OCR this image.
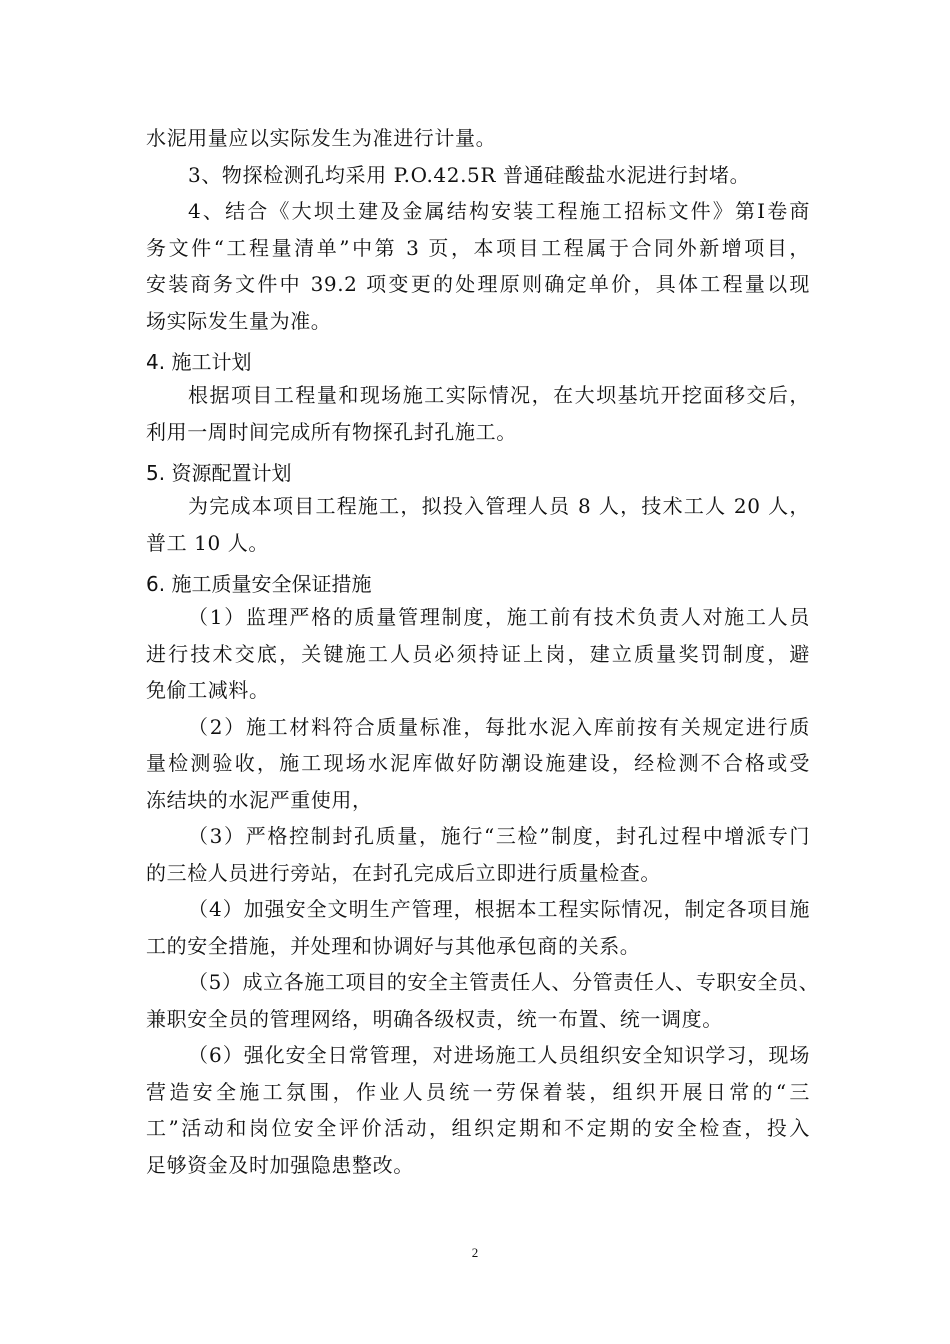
水泥用量应以实际发生为准进行计量。
3、物探检测孔均采用 P.O.42.5R 普通硅酸盐水泥进行封堵。
4、结合《大坝土建及金属结构安装工程施工招标文件》第Ⅰ卷商
务文件“工程量清单”中第 3 页，本项目工程属于合同外新增项目，
安装商务文件中 39.2 项变更的处理原则确定单价，具体工程量以现
场实际发生量为准。
4. 施工计划
根据项目工程量和现场施工实际情况，在大坝基坑开挖面移交后，
利用一周时间完成所有物探孔封孔施工。
5. 资源配置计划
为完成本项目工程施工，拟投入管理人员 8 人，技术工人 20 人，
普工 10 人。
6. 施工质量安全保证措施
（1）监理严格的质量管理制度，施工前有技术负责人对施工人员
进行技术交底，关键施工人员必须持证上岗，建立质量奖罚制度，避
免偷工减料。
（2）施工材料符合质量标准，每批水泥入库前按有关规定进行质
量检测验收，施工现场水泥库做好防潮设施建设，经检测不合格或受
冻结块的水泥严重使用，
（3）严格控制封孔质量，施行“三检”制度，封孔过程中增派专门
的三检人员进行旁站，在封孔完成后立即进行质量检查。
（4）加强安全文明生产管理，根据本工程实际情况，制定各项目施
工的安全措施，并处理和协调好与其他承包商的关系。
（5）成立各施工项目的安全主管责任人、分管责任人、专职安全员、
兼职安全员的管理网络，明确各级权责，统一布置、统一调度。
（6）强化安全日常管理，对进场施工人员组织安全知识学习，现场
营造安全施工氛围，作业人员统一劳保着装，组织开展日常的“三
工”活动和岗位安全评价活动，组织定期和不定期的安全检查，投入
足够资金及时加强隐患整改。
2
